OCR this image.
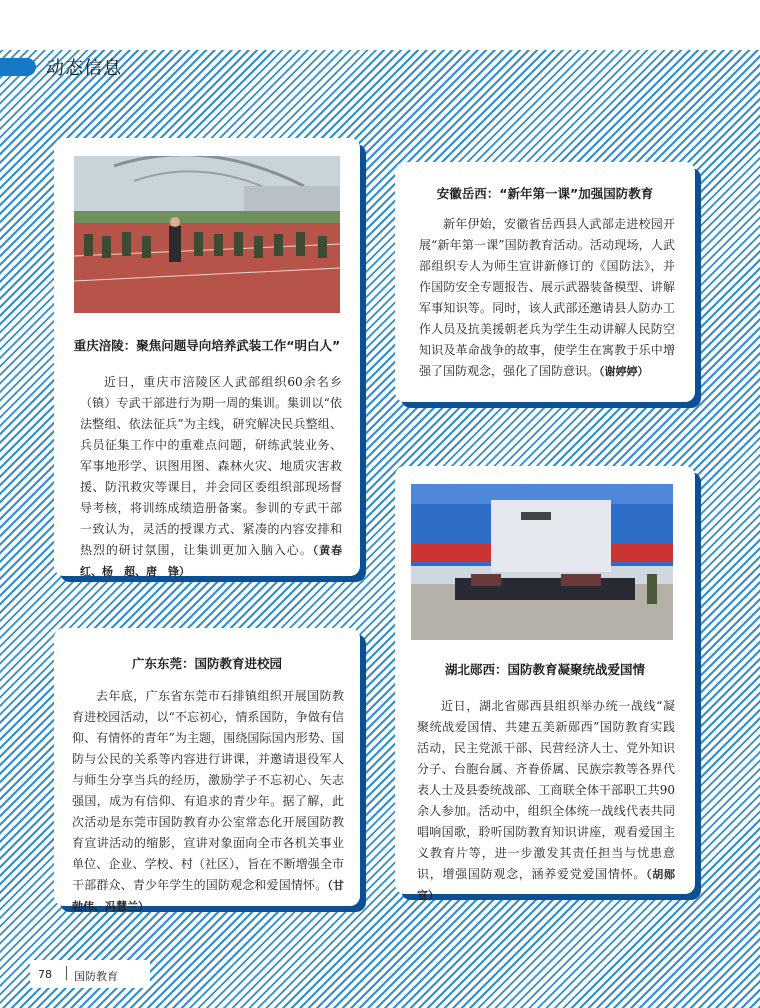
动态信息
重庆涪陵：聚焦问题导向培养武装工作“明白人”

近日，重庆市涪陵区人武部组织60余名乡（镇）专武干部进行为期一周的集训。集训以“依法整组、依法征兵”为主线，研究解决民兵整组、兵员征集工作中的重难点问题，研练武装业务、军事地形学、识图用图、森林火灾、地质灾害救援、防汛救灾等课目，并会同区委组织部现场督导考核，将训练成绩造册备案。参训的专武干部一致认为，灵活的授课方式、紧凑的内容安排和热烈的研讨氛围，让集训更加入脑入心。（黄春红、杨　超、唐　锋）

安徽岳西：“新年第一课”加强国防教育

新年伊始，安徽省岳西县人武部走进校园开展“新年第一课”国防教育活动。活动现场，人武部组织专人为师生宣讲新修订的《国防法》，并作国防安全专题报告、展示武器装备模型、讲解军事知识等。同时，该人武部还邀请县人防办工作人员及抗美援朝老兵为学生生动讲解人民防空知识及革命战争的故事，使学生在寓教于乐中增强了国防观念，强化了国防意识。（谢婷婷）

湖北郧西：国防教育凝聚统战爱国情

近日，湖北省郧西县组织举办统一战线“凝聚统战爱国情、共建五美新郧西”国防教育实践活动，民主党派干部、民营经济人士、党外知识分子、台胞台属、齐眷侨属、民族宗教等各界代表人士及县委统战部、工商联全体干部职工共90余人参加。活动中，组织全体统一战线代表共同唱响国歌，聆听国防教育知识讲座，观看爱国主义教育片等，进一步激发其责任担当与忧患意识，增强国防观念，涵养爱党爱国情怀。（胡郧宣）

广东东莞：国防教育进校园

去年底，广东省东莞市石排镇组织开展国防教育进校园活动，以“不忘初心，情系国防，争做有信仰、有情怀的青年”为主题，围绕国际国内形势、国防与公民的关系等内容进行讲课，并邀请退役军人与师生分享当兵的经历，激励学子不忘初心、矢志强国，成为有信仰、有追求的青少年。据了解，此次活动是东莞市国防教育办公室常态化开展国防教育宣讲活动的缩影，宣讲对象面向全市各机关事业单位、企业、学校、村（社区），旨在不断增强全市干部群众、青少年学生的国防观念和爱国情怀。（甘勃伟、冯慧兰）

78 国防教育
